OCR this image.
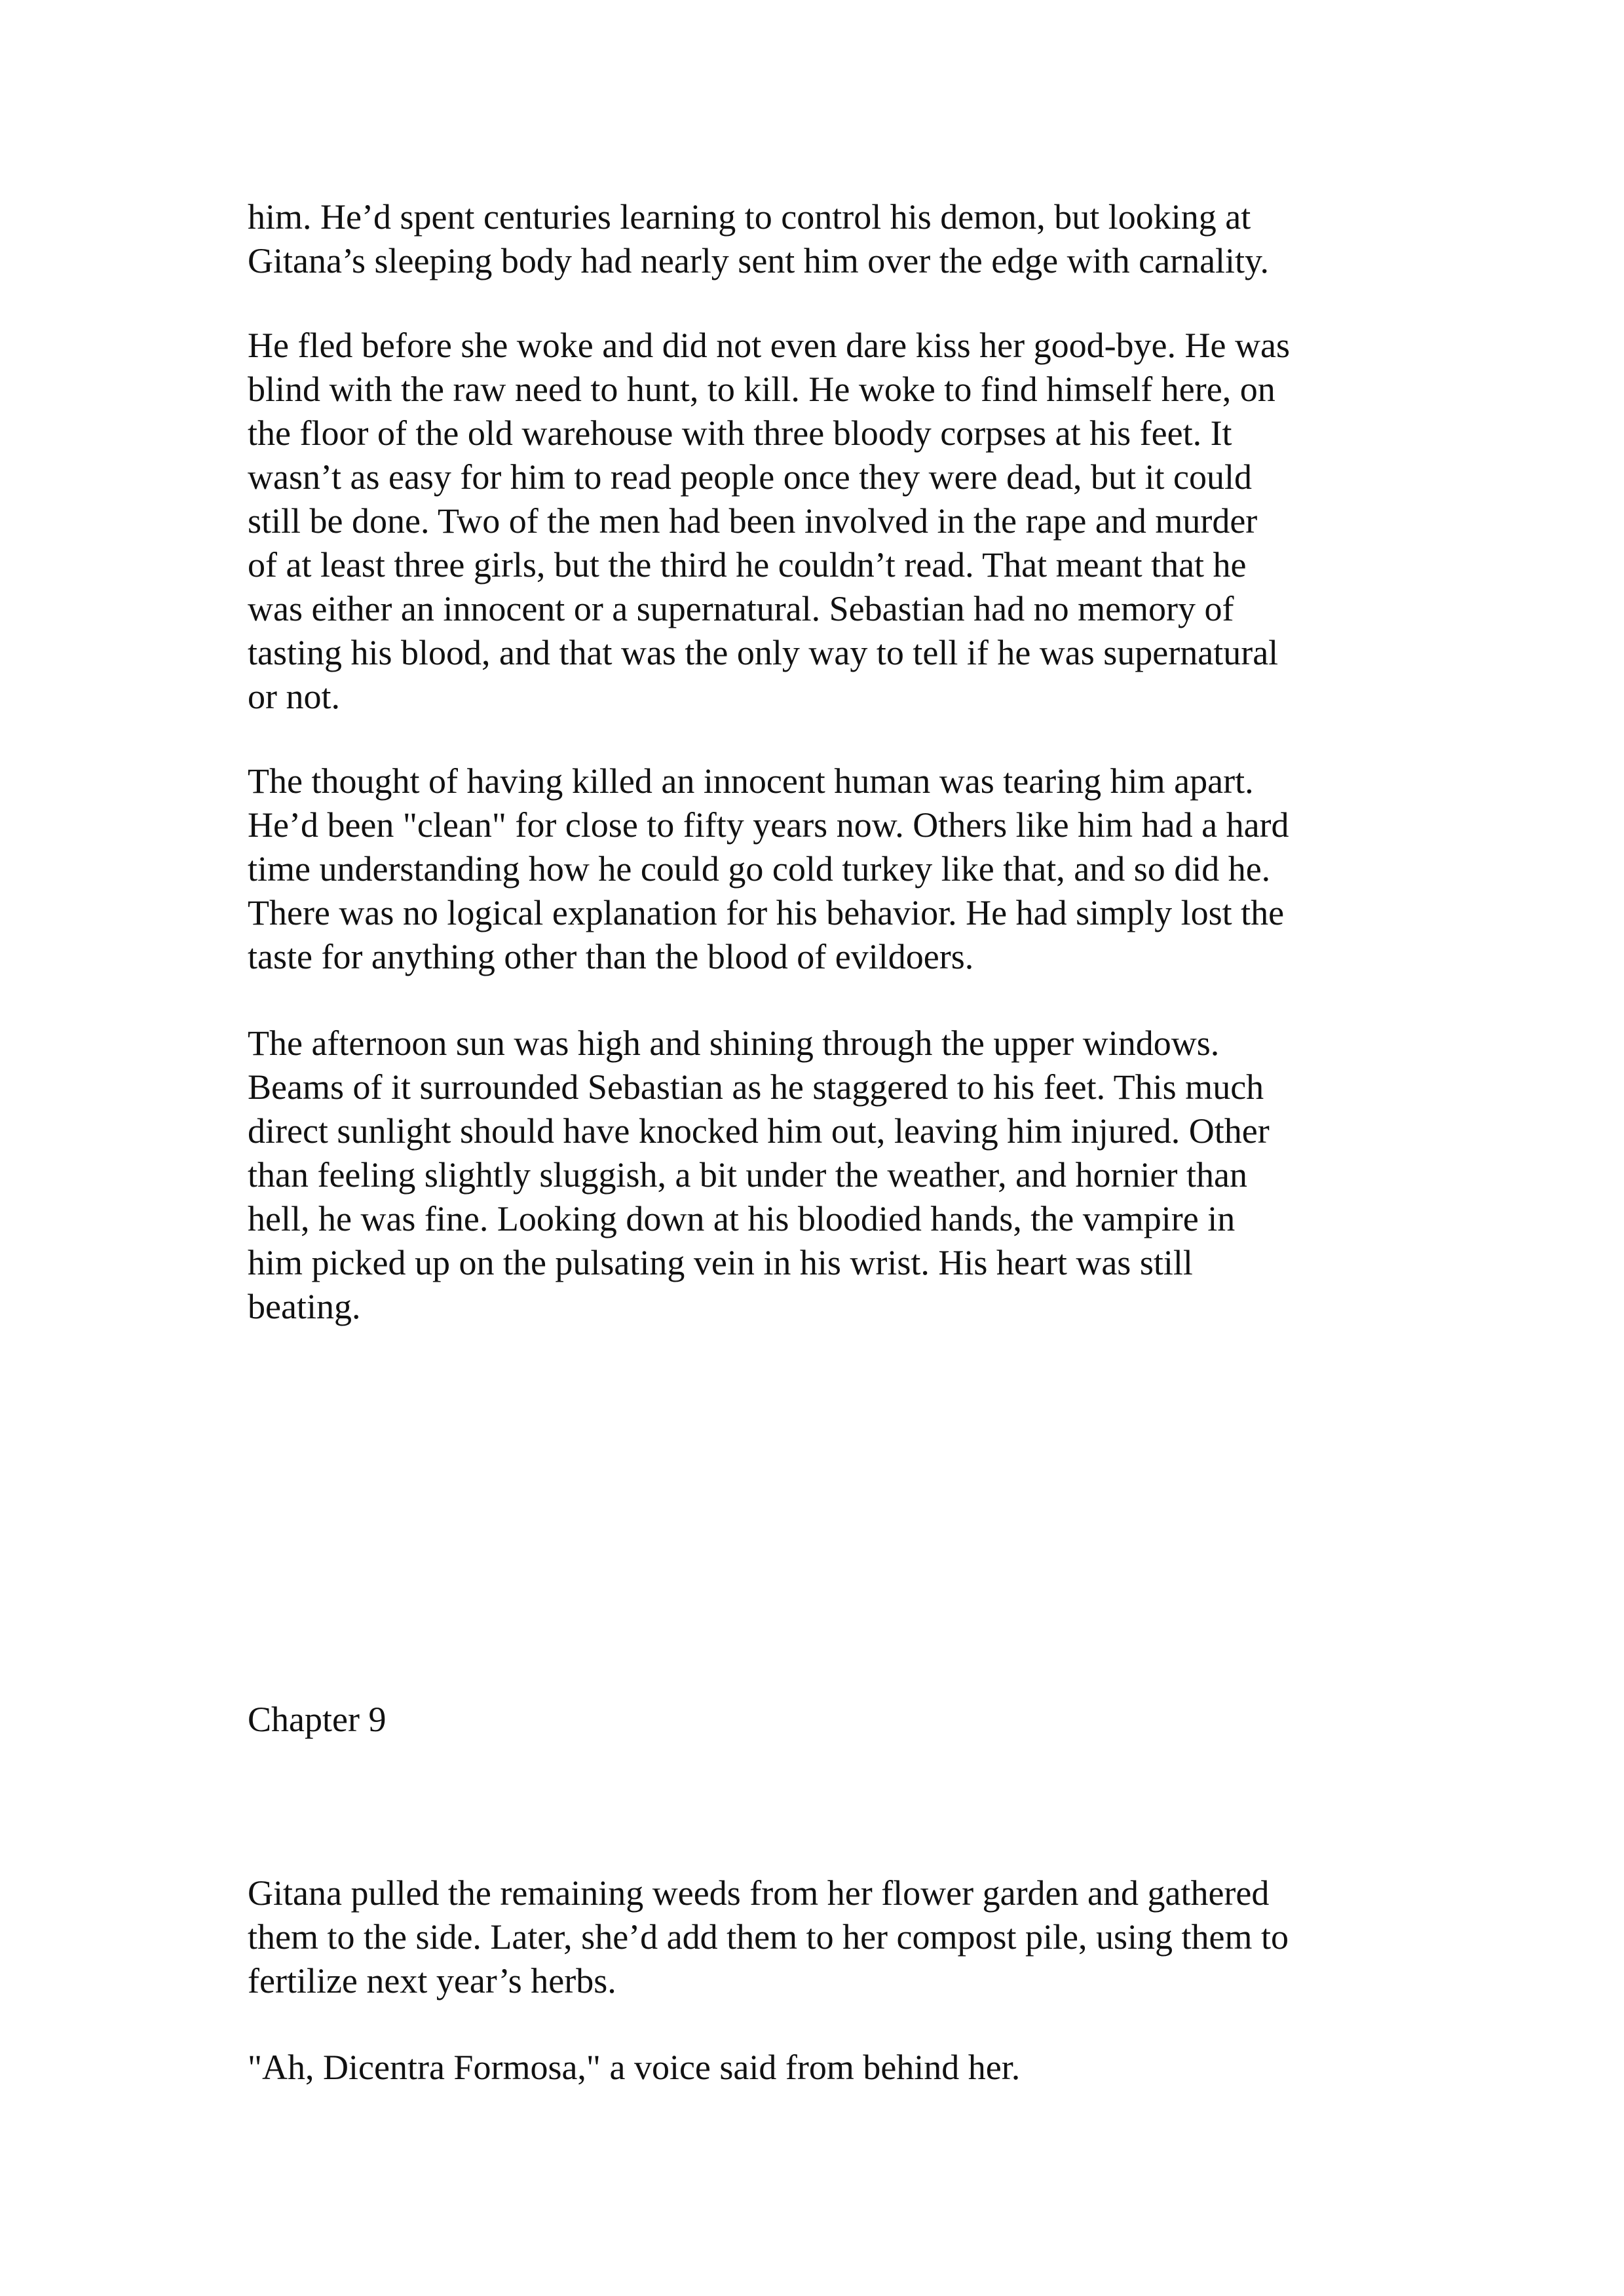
him. He’d spent centuries learning to control his demon, but looking at
Gitana’s sleeping body had nearly sent him over the edge with carnality.
He fled before she woke and did not even dare kiss her good-bye. He was
blind with the raw need to hunt, to kill. He woke to find himself here, on
the floor of the old warehouse with three bloody corpses at his feet. It
wasn’t as easy for him to read people once they were dead, but it could
still be done. Two of the men had been involved in the rape and murder
of at least three girls, but the third he couldn’t read. That meant that he
was either an innocent or a supernatural. Sebastian had no memory of
tasting his blood, and that was the only way to tell if he was supernatural
or not.
The thought of having killed an innocent human was tearing him apart.
He’d been "clean" for close to fifty years now. Others like him had a hard
time understanding how he could go cold turkey like that, and so did he.
There was no logical explanation for his behavior. He had simply lost the
taste for anything other than the blood of evildoers.
The afternoon sun was high and shining through the upper windows.
Beams of it surrounded Sebastian as he staggered to his feet. This much
direct sunlight should have knocked him out, leaving him injured. Other
than feeling slightly sluggish, a bit under the weather, and hornier than
hell, he was fine. Looking down at his bloodied hands, the vampire in
him picked up on the pulsating vein in his wrist. His heart was still
beating.
Chapter 9
Gitana pulled the remaining weeds from her flower garden and gathered
them to the side. Later, she’d add them to her compost pile, using them to
fertilize next year’s herbs.
"Ah, Dicentra Formosa," a voice said from behind her.
